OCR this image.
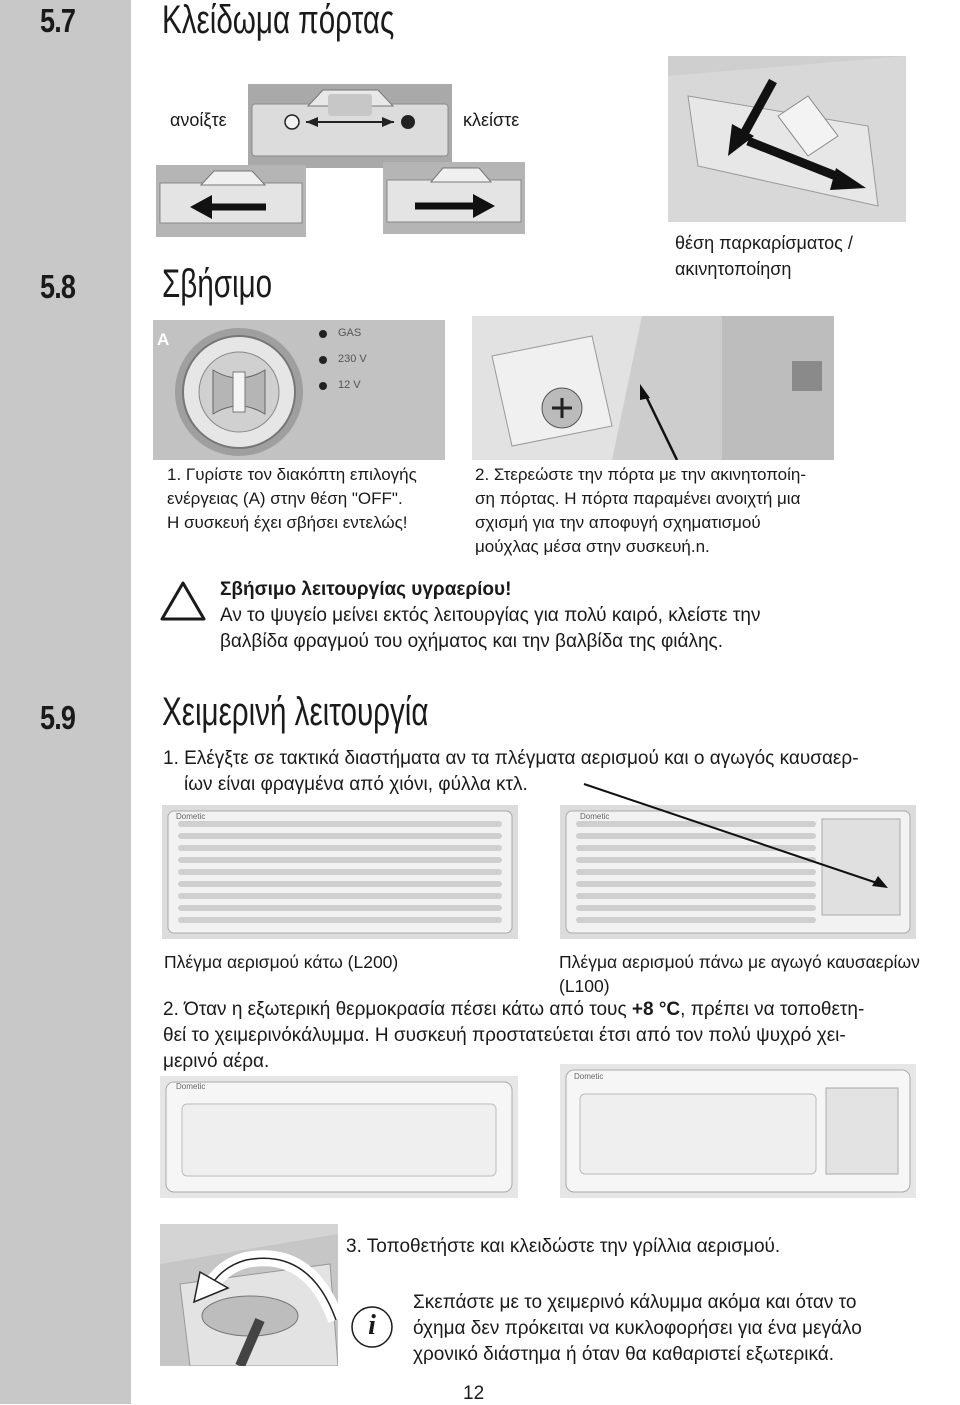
5.7 Κλείδωμα πόρτας
ανοίξτε	κλείστε
θέση παρκαρίσματος /
ακινητοποίηση
5.8 Σβήσιμο
A	GAS
230 V
12 V
1. Γυρίστε τον διακόπτη επιλογής
ενέργειας (A) στην θέση "OFF".
Η συσκευή έχει σβήσει εντελώς!
2. Στερεώστε την πόρτα με την ακινητοποίη-
ση πόρτας. Η πόρτα παραμένει ανοιχτή μια
σχισμή για την αποφυγή σχηματισμού
μούχλας μέσα στην συσκευή.n.
Σβήσιμο λειτουργίας υγραερίου!
Αν το ψυγείο μείνει εκτός λειτουργίας για πολύ καιρό, κλείστε την
βαλβίδα φραγμού του οχήματος και την βαλβίδα της φιάλης.
5.9 Χειμερινή λειτουργία
1. Ελέγξτε σε τακτικά διαστήματα αν τα πλέγματα αερισμού και ο αγωγός καυσαερ-
ίων είναι φραγμένα από χιόνι, φύλλα κτλ.
Dometic	Dometic
Πλέγμα αερισμού κάτω (L200)	Πλέγμα αερισμού πάνω με αγωγό καυσαερίων
(L100)
2. Όταν η εξωτερική θερμοκρασία πέσει κάτω από τους +8 °C, πρέπει να τοποθετη-
θεί το χειμερινόκάλυμμα. Η συσκευή προστατεύεται έτσι από τον πολύ ψυχρό χει-
μερινό αέρα.
Dometic
Dometic
3. Τοποθετήστε και κλειδώστε την γρίλλια αερισμού.
i
Σκεπάστε με το χειμερινό κάλυμμα ακόμα και όταν το
όχημα δεν πρόκειται να κυκλοφορήσει για ένα μεγάλο
χρονικό διάστημα ή όταν θα καθαριστεί εξωτερικά.
12
